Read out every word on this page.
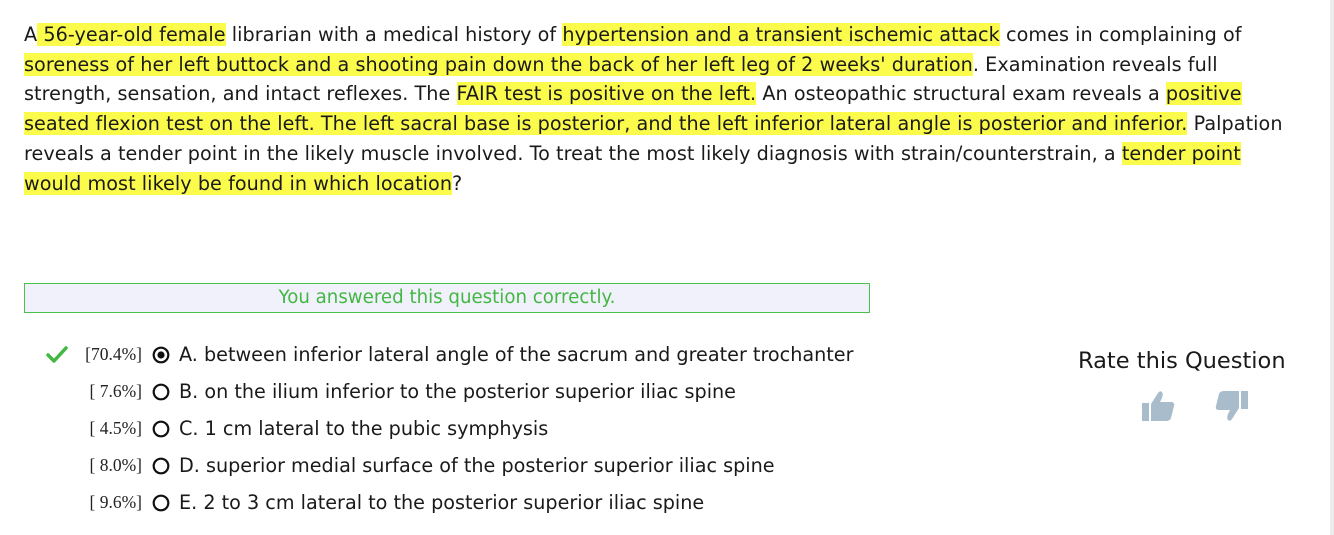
A 56-year-old female librarian with a medical history of hypertension and a transient ischemic attack comes in complaining of soreness of her left buttock and a shooting pain down the back of her left leg of 2 weeks' duration. Examination reveals full strength, sensation, and intact reflexes. The FAIR test is positive on the left. An osteopathic structural exam reveals a positive seated flexion test on the left. The left sacral base is posterior, and the left inferior lateral angle is posterior and inferior. Palpation reveals a tender point in the likely muscle involved. To treat the most likely diagnosis with strain/counterstrain, a tender point would most likely be found in which location?
You answered this question correctly.
[70.4%] A. between inferior lateral angle of the sacrum and greater trochanter
[ 7.6%] B. on the ilium inferior to the posterior superior iliac spine
[ 4.5%] C. 1 cm lateral to the pubic symphysis
[ 8.0%] D. superior medial surface of the posterior superior iliac spine
[ 9.6%] E. 2 to 3 cm lateral to the posterior superior iliac spine
Rate this Question
